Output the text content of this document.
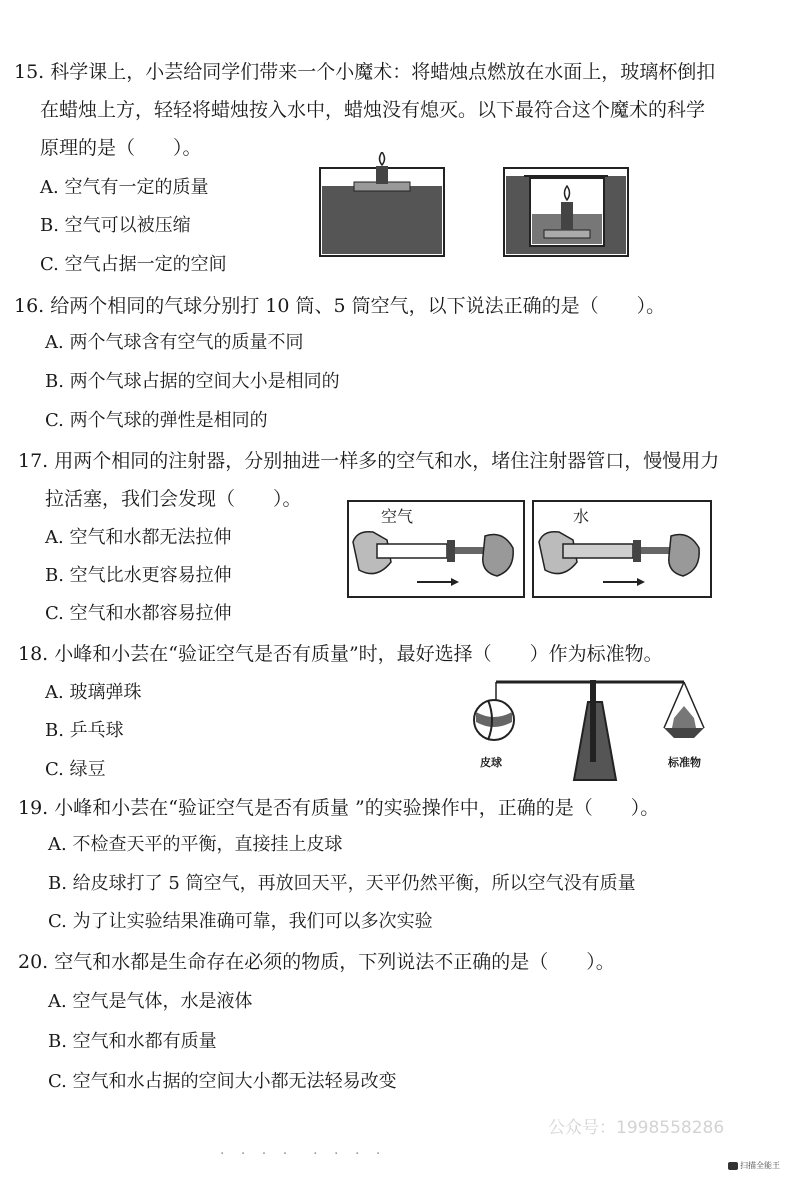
15. 科学课上，小芸给同学们带来一个小魔术：将蜡烛点燃放在水面上，玻璃杯倒扣
在蜡烛上方，轻轻将蜡烛按入水中，蜡烛没有熄灭。以下最符合这个魔术的科学
原理的是（　　）。
A. 空气有一定的质量
B. 空气可以被压缩
C. 空气占据一定的空间
16. 给两个相同的气球分别打 10 筒、5 筒空气，以下说法正确的是（　　）。
A. 两个气球含有空气的质量不同
B. 两个气球占据的空间大小是相同的
C. 两个气球的弹性是相同的
17. 用两个相同的注射器，分别抽进一样多的空气和水，堵住注射器管口，慢慢用力
拉活塞，我们会发现（　　）。
A. 空气和水都无法拉伸
B. 空气比水更容易拉伸
C. 空气和水都容易拉伸
空气	水
18. 小峰和小芸在“验证空气是否有质量”时，最好选择（　　）作为标准物。
A. 玻璃弹珠
B. 乒乓球
C. 绿豆	皮球	标准物
19. 小峰和小芸在“验证空气是否有质量 ”的实验操作中，正确的是（　　）。
A. 不检查天平的平衡，直接挂上皮球
B. 给皮球打了 5 筒空气，再放回天平，天平仍然平衡，所以空气没有质量
C. 为了让实验结果准确可靠，我们可以多次实验
20. 空气和水都是生命存在必须的物质，下列说法不正确的是（　　）。
A. 空气是气体，水是液体
B. 空气和水都有质量
C. 空气和水占据的空间大小都无法轻易改变
公众号：1998558286
· · · ·　· · · ·
扫描全能王
